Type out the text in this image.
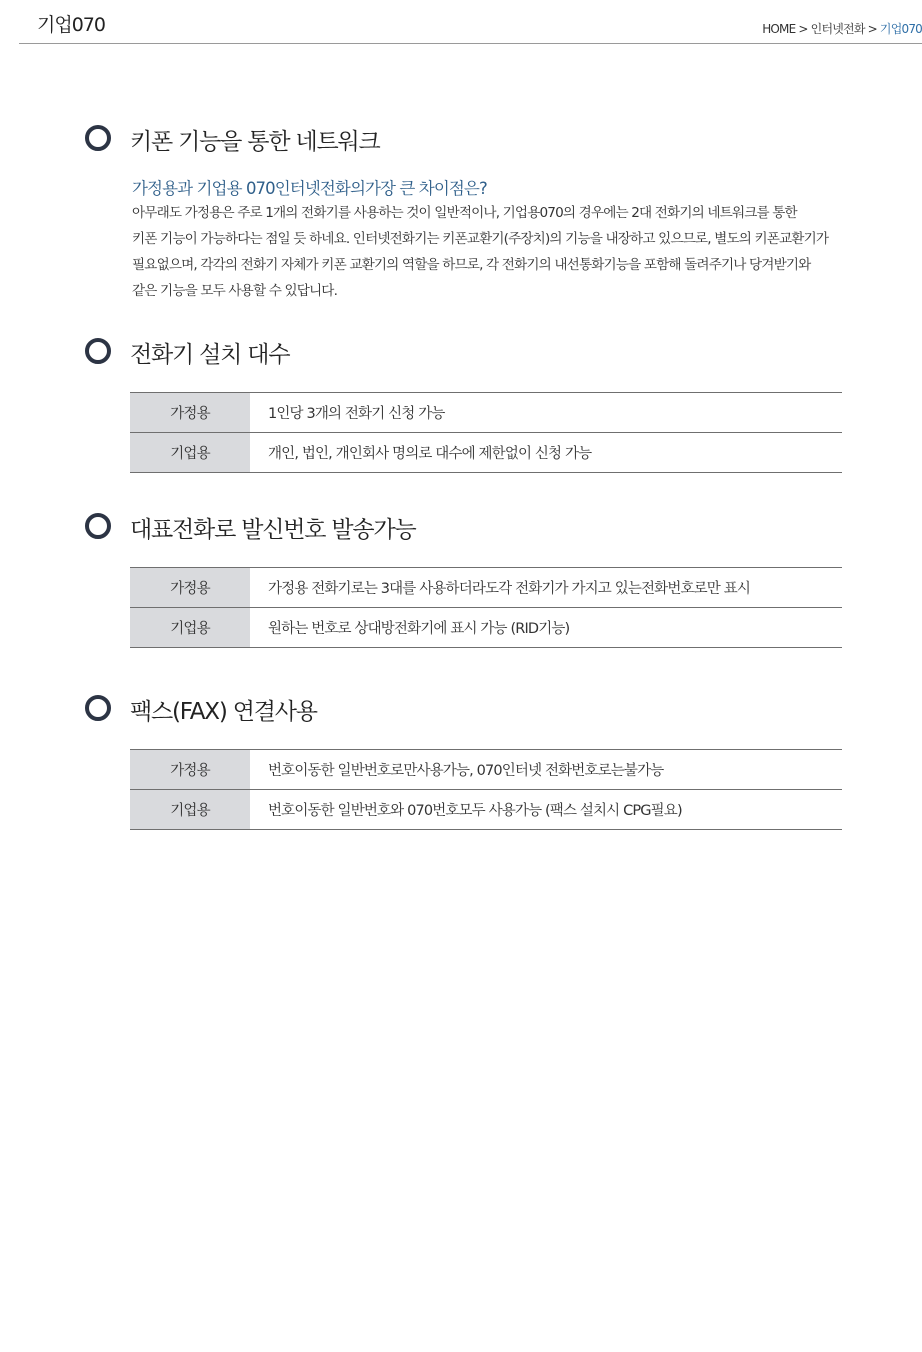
기업070	HOME > 인터넷전화 > 기업070
키폰 기능을 통한 네트워크
가정용과 기업용 070인터넷전화의가장 큰 차이점은?
아무래도 가정용은 주로 1개의 전화기를 사용하는 것이 일반적이나, 기업용070의 경우에는 2대 전화기의 네트워크를 통한
키폰 기능이 가능하다는 점일 듯 하네요. 인터넷전화기는 키폰교환기(주장치)의 기능을 내장하고 있으므로, 별도의 키폰교환기가
필요없으며, 각각의 전화기 자체가 키폰 교환기의 역할을 하므로, 각 전화기의 내선통화기능을 포함해 돌려주기나 당겨받기와
같은 기능을 모두 사용할 수 있답니다.
전화기 설치 대수
가정용	1인당 3개의 전화기 신청 가능
기업용	개인, 법인, 개인회사 명의로 대수에 제한없이 신청 가능
대표전화로 발신번호 발송가능
가정용	가정용 전화기로는 3대를 사용하더라도각 전화기가 가지고 있는전화번호로만 표시
기업용	원하는 번호로 상대방전화기에 표시 가능 (RID기능)
팩스(FAX) 연결사용
가정용	번호이동한 일반번호로만사용가능, 070인터넷 전화번호로는불가능
기업용	번호이동한 일반번호와 070번호모두 사용가능 (팩스 설치시 CPG필요)
